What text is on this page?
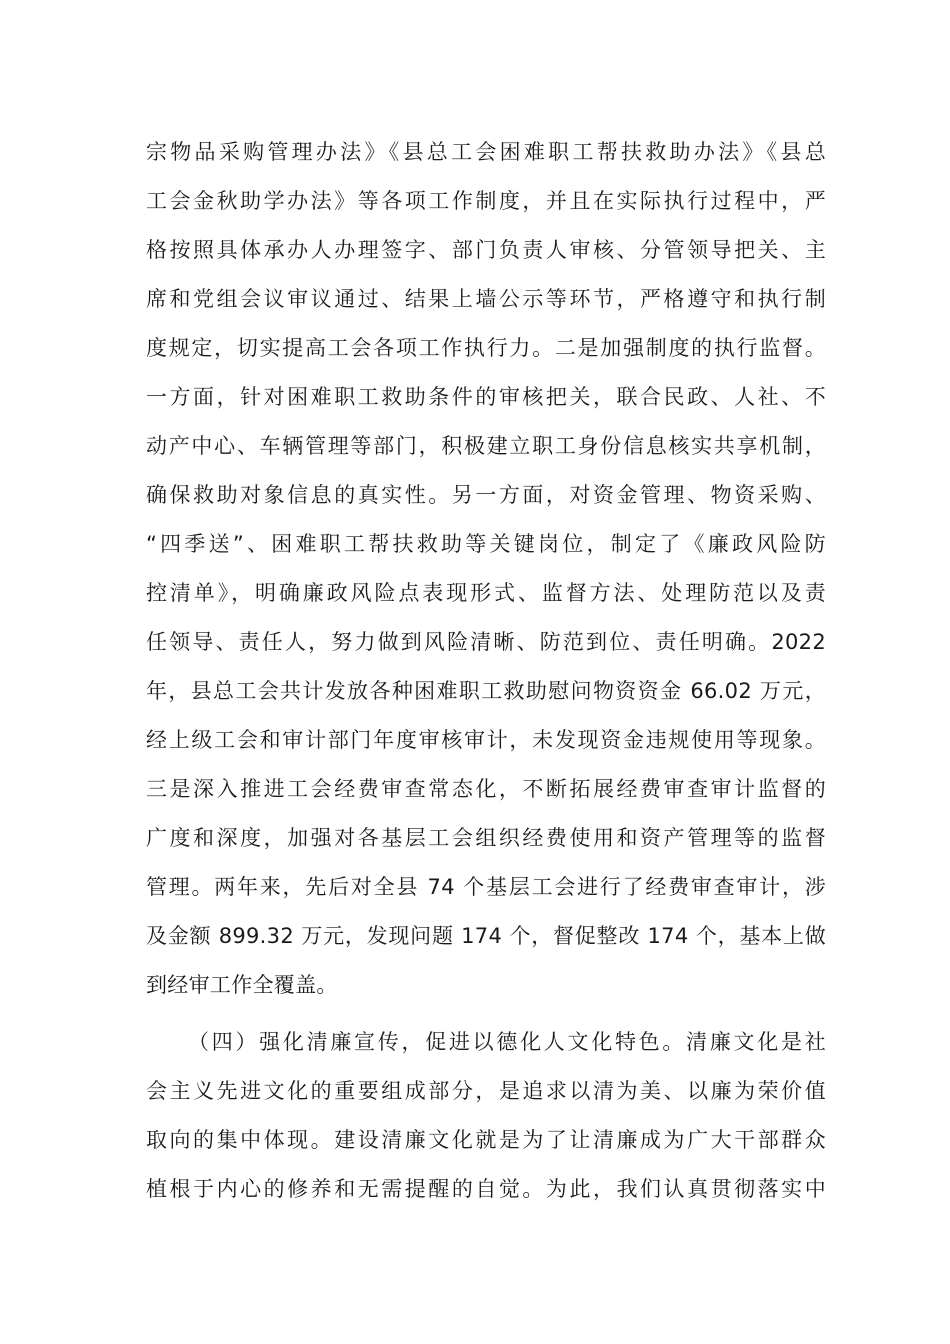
宗物品采购管理办法》《县总工会困难职工帮扶救助办法》《县总
工会金秋助学办法》等各项工作制度，并且在实际执行过程中，严
格按照具体承办人办理签字、部门负责人审核、分管领导把关、主
席和党组会议审议通过、结果上墙公示等环节，严格遵守和执行制
度规定，切实提高工会各项工作执行力。二是加强制度的执行监督。
一方面，针对困难职工救助条件的审核把关，联合民政、人社、不
动产中心、车辆管理等部门，积极建立职工身份信息核实共享机制，
确保救助对象信息的真实性。另一方面，对资金管理、物资采购、
“四季送”、困难职工帮扶救助等关键岗位，制定了《廉政风险防
控清单》，明确廉政风险点表现形式、监督方法、处理防范以及责
任领导、责任人，努力做到风险清晰、防范到位、责任明确。2022
年，县总工会共计发放各种困难职工救助慰问物资资金 66.02 万元，
经上级工会和审计部门年度审核审计，未发现资金违规使用等现象。
三是深入推进工会经费审查常态化，不断拓展经费审查审计监督的
广度和深度，加强对各基层工会组织经费使用和资产管理等的监督
管理。两年来，先后对全县 74 个基层工会进行了经费审查审计，涉
及金额 899.32 万元，发现问题 174 个，督促整改 174 个，基本上做
到经审工作全覆盖。
（四）强化清廉宣传，促进以德化人文化特色。清廉文化是社
会主义先进文化的重要组成部分，是追求以清为美、以廉为荣价值
取向的集中体现。建设清廉文化就是为了让清廉成为广大干部群众
植根于内心的修养和无需提醒的自觉。为此，我们认真贯彻落实中
